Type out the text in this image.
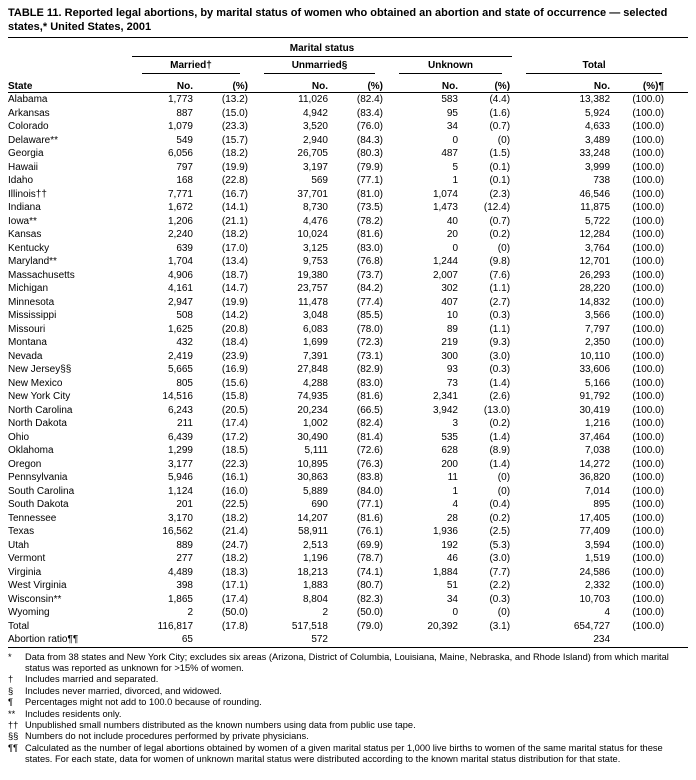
TABLE 11. Reported legal abortions, by marital status of women who obtained an abortion and state of occurrence — selected states,* United States, 2001

	Marital status							

	Married†		Unmarried§		Unknown		Total	

State	No.	(%)	No.	(%)	No.	(%)	No.	(%)¶
Alabama	1,773	(13.2)	11,026	(82.4)	583	(4.4)	13,382	(100.0)
Arkansas	887	(15.0)	4,942	(83.4)	95	(1.6)	5,924	(100.0)
Colorado	1,079	(23.3)	3,520	(76.0)	34	(0.7)	4,633	(100.0)
Delaware**	549	(15.7)	2,940	(84.3)	0	(0)	3,489	(100.0)
Georgia	6,056	(18.2)	26,705	(80.3)	487	(1.5)	33,248	(100.0)
Hawaii	797	(19.9)	3,197	(79.9)	5	(0.1)	3,999	(100.0)
Idaho	168	(22.8)	569	(77.1)	1	(0.1)	738	(100.0)
Illinois††	7,771	(16.7)	37,701	(81.0)	1,074	(2.3)	46,546	(100.0)
Indiana	1,672	(14.1)	8,730	(73.5)	1,473	(12.4)	11,875	(100.0)
Iowa**	1,206	(21.1)	4,476	(78.2)	40	(0.7)	5,722	(100.0)
Kansas	2,240	(18.2)	10,024	(81.6)	20	(0.2)	12,284	(100.0)
Kentucky	639	(17.0)	3,125	(83.0)	0	(0)	3,764	(100.0)
Maryland**	1,704	(13.4)	9,753	(76.8)	1,244	(9.8)	12,701	(100.0)
Massachusetts	4,906	(18.7)	19,380	(73.7)	2,007	(7.6)	26,293	(100.0)
Michigan	4,161	(14.7)	23,757	(84.2)	302	(1.1)	28,220	(100.0)
Minnesota	2,947	(19.9)	11,478	(77.4)	407	(2.7)	14,832	(100.0)
Mississippi	508	(14.2)	3,048	(85.5)	10	(0.3)	3,566	(100.0)
Missouri	1,625	(20.8)	6,083	(78.0)	89	(1.1)	7,797	(100.0)
Montana	432	(18.4)	1,699	(72.3)	219	(9.3)	2,350	(100.0)
Nevada	2,419	(23.9)	7,391	(73.1)	300	(3.0)	10,110	(100.0)
New Jersey§§	5,665	(16.9)	27,848	(82.9)	93	(0.3)	33,606	(100.0)
New Mexico	805	(15.6)	4,288	(83.0)	73	(1.4)	5,166	(100.0)
New York City	14,516	(15.8)	74,935	(81.6)	2,341	(2.6)	91,792	(100.0)
North Carolina	6,243	(20.5)	20,234	(66.5)	3,942	(13.0)	30,419	(100.0)
North Dakota	211	(17.4)	1,002	(82.4)	3	(0.2)	1,216	(100.0)
Ohio	6,439	(17.2)	30,490	(81.4)	535	(1.4)	37,464	(100.0)
Oklahoma	1,299	(18.5)	5,111	(72.6)	628	(8.9)	7,038	(100.0)
Oregon	3,177	(22.3)	10,895	(76.3)	200	(1.4)	14,272	(100.0)
Pennsylvania	5,946	(16.1)	30,863	(83.8)	11	(0)	36,820	(100.0)
South Carolina	1,124	(16.0)	5,889	(84.0)	1	(0)	7,014	(100.0)
South Dakota	201	(22.5)	690	(77.1)	4	(0.4)	895	(100.0)
Tennessee	3,170	(18.2)	14,207	(81.6)	28	(0.2)	17,405	(100.0)
Texas	16,562	(21.4)	58,911	(76.1)	1,936	(2.5)	77,409	(100.0)
Utah	889	(24.7)	2,513	(69.9)	192	(5.3)	3,594	(100.0)
Vermont	277	(18.2)	1,196	(78.7)	46	(3.0)	1,519	(100.0)
Virginia	4,489	(18.3)	18,213	(74.1)	1,884	(7.7)	24,586	(100.0)
West Virginia	398	(17.1)	1,883	(80.7)	51	(2.2)	2,332	(100.0)
Wisconsin**	1,865	(17.4)	8,804	(82.3)	34	(0.3)	10,703	(100.0)
Wyoming	2	(50.0)	2	(50.0)	0	(0)	4	(100.0)
Total	116,817	(17.8)	517,518	(79.0)	20,392	(3.1)	654,727	(100.0)
Abortion ratio¶¶	65		572				234	
* Data from 38 states and New York City; excludes six areas (Arizona, District of Columbia, Louisiana, Maine, Nebraska, and Rhode Island) from which marital status was reported as unknown for >15% of women.
† Includes married and separated.
§ Includes never married, divorced, and widowed.
¶ Percentages might not add to 100.0 because of rounding.
** Includes residents only.
†† Unpublished small numbers distributed as the known numbers using data from public use tape.
§§ Numbers do not include procedures performed by private physicians.
¶¶ Calculated as the number of legal abortions obtained by women of a given marital status per 1,000 live births to women of the same marital status for these states. For each state, data for women of unknown marital status were distributed according to the known marital status distribution for that state.
